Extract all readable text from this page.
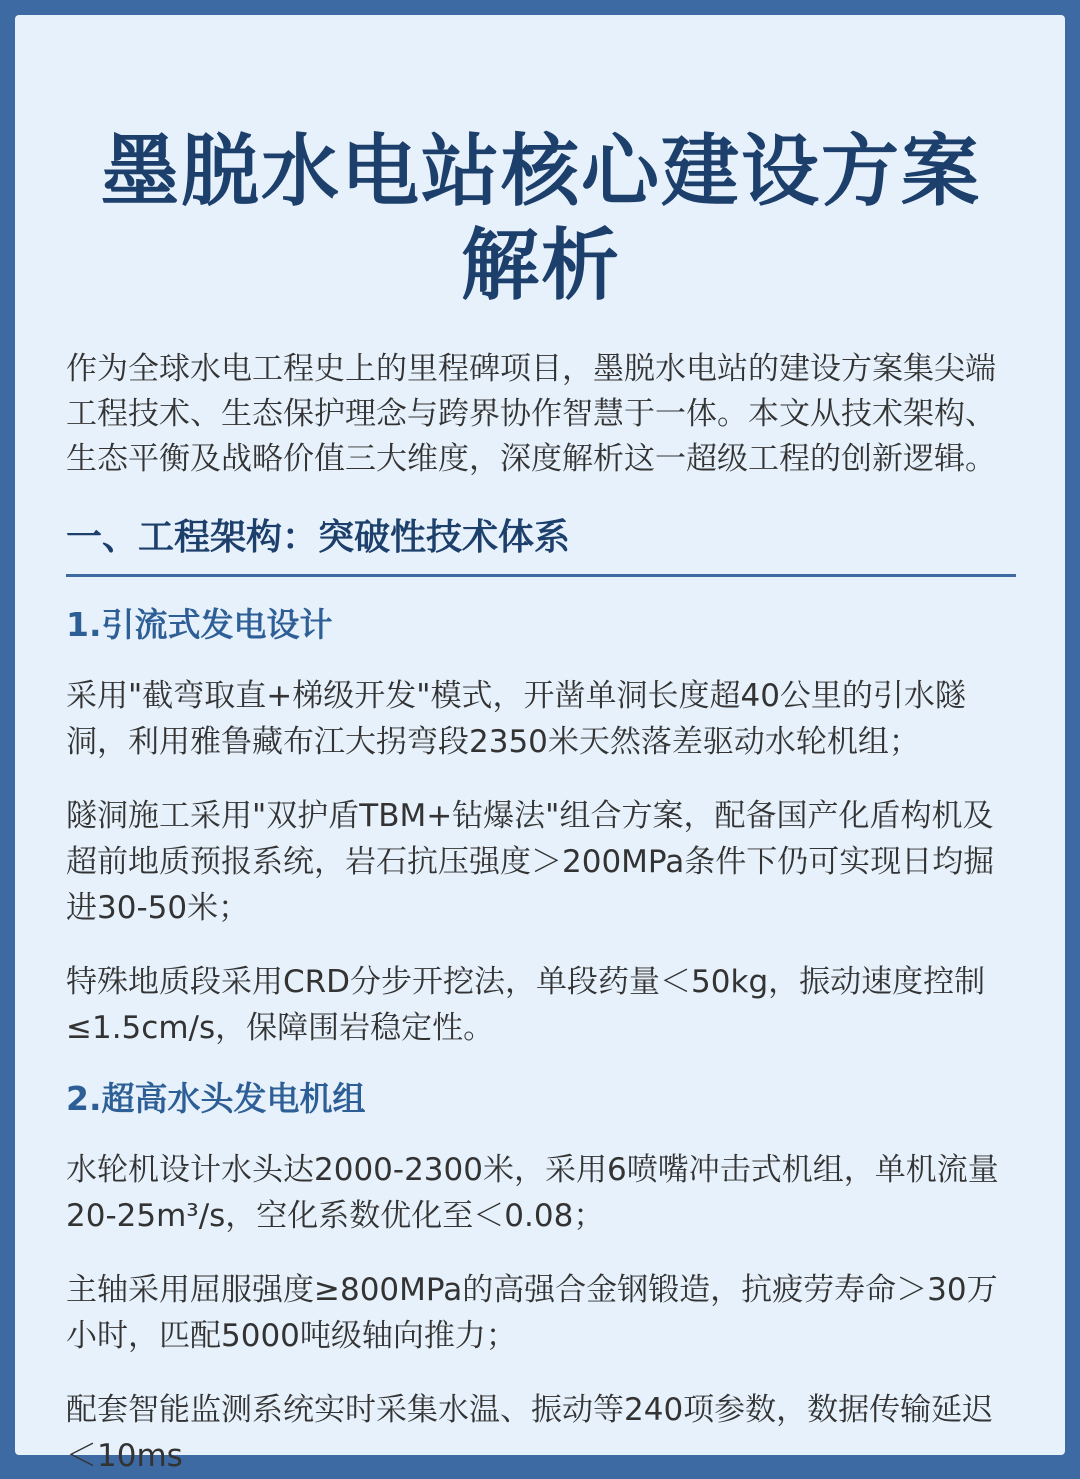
墨脱水电站核心建设方案解析

作为全球水电工程史上的里程碑项目，墨脱水电站的建设方案集尖端工程技术、生态保护理念与跨界协作智慧于一体。本文从技术架构、生态平衡及战略价值三大维度，深度解析这一超级工程的创新逻辑。

一、工程架构：突破性技术体系
1.引流式发电设计

采用"截弯取直+梯级开发"模式，开凿单洞长度超40公里的引水隧洞，利用雅鲁藏布江大拐弯段2350米天然落差驱动水轮机组；

隧洞施工采用"双护盾TBM+钻爆法"组合方案，配备国产化盾构机及超前地质预报系统，岩石抗压强度＞200MPa条件下仍可实现日均掘进30-50米；

特殊地质段采用CRD分步开挖法，单段药量＜50kg，振动速度控制≤1.5cm/s，保障围岩稳定性。

2.超高水头发电机组

水轮机设计水头达2000-2300米，采用6喷嘴冲击式机组，单机流量20-25m³/s，空化系数优化至＜0.08；

主轴采用屈服强度≥800MPa的高强合金钢锻造，抗疲劳寿命＞30万小时，匹配5000吨级轴向推力；

配套智能监测系统实时采集水温、振动等240项参数，数据传输延迟＜10ms
